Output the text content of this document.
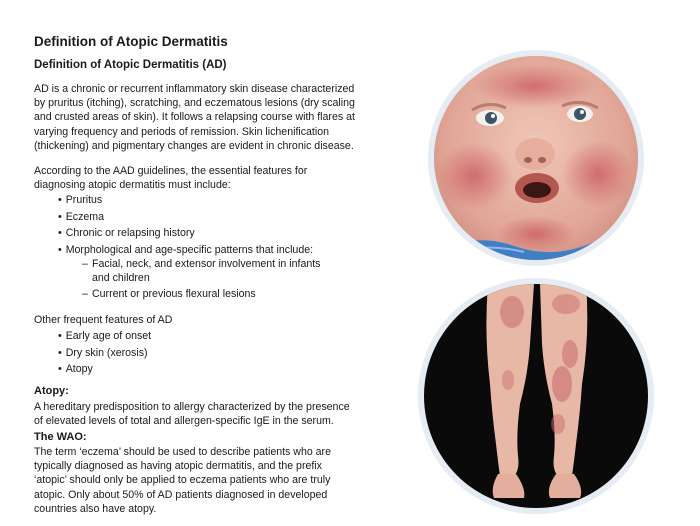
Definition of Atopic Dermatitis
Definition of Atopic Dermatitis (AD)
AD is a chronic or recurrent inflammatory skin disease characterized
by pruritus (itching), scratching, and eczematous lesions (dry scaling
and crusted areas of skin). It follows a relapsing course with flares at
varying frequency and periods of remission. Skin lichenification
(thickening) and pigmentary changes are evident in chronic disease.
According to the AAD guidelines, the essential features for
diagnosing atopic dermatitis must include:
• Pruritus
• Eczema
• Chronic or relapsing history
• Morphological and age-specific patterns that include:
– Facial, neck, and extensor involvement in infants
and children
– Current or previous flexural lesions
Other frequent features of AD
• Early age of onset
• Dry skin (xerosis)
• Atopy
Atopy:
A hereditary predisposition to allergy characterized by the presence
of elevated levels of total and allergen-specific IgE in the serum.
The WAO:
The term ‘eczema’ should be used to describe patients who are
typically diagnosed as having atopic dermatitis, and the prefix
‘atopic’ should only be applied to eczema patients who are truly
atopic. Only about 50% of AD patients diagnosed in developed
countries also have atopy.
